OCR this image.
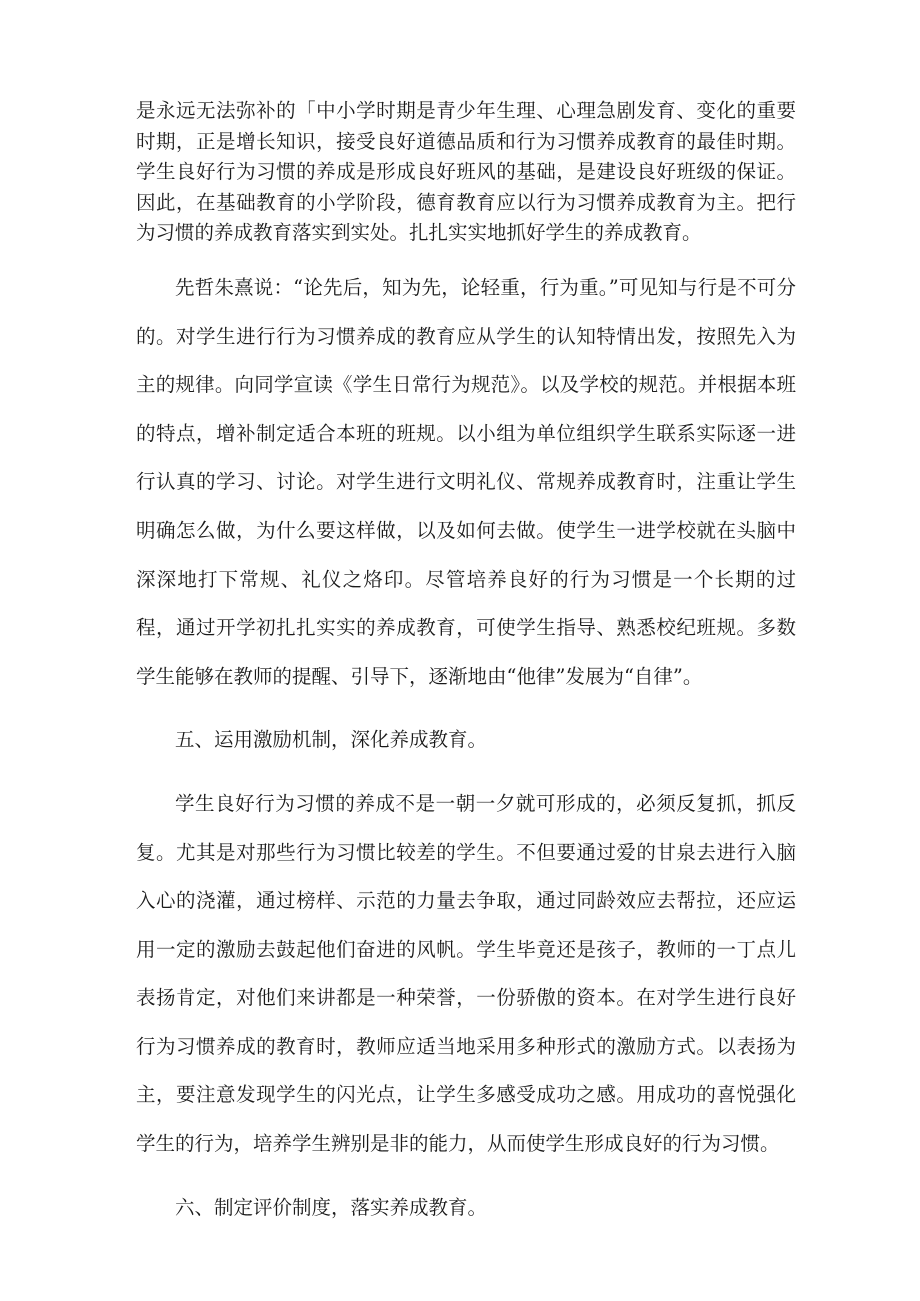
是永远无法弥补的「中小学时期是青少年生理、心理急剧发育、变化的重要时期，正是增长知识，接受良好道德品质和行为习惯养成教育的最佳时期。学生良好行为习惯的养成是形成良好班风的基础，是建设良好班级的保证。因此，在基础教育的小学阶段，德育教育应以行为习惯养成教育为主。把行为习惯的养成教育落实到实处。扎扎实实地抓好学生的养成教育。

先哲朱熹说：“论先后，知为先，论轻重，行为重。”可见知与行是不可分的。对学生进行行为习惯养成的教育应从学生的认知特情出发，按照先入为主的规律。向同学宣读《学生日常行为规范》。以及学校的规范。并根据本班的特点，增补制定适合本班的班规。以小组为单位组织学生联系实际逐一进行认真的学习、讨论。对学生进行文明礼仪、常规养成教育时，注重让学生明确怎么做，为什么要这样做，以及如何去做。使学生一进学校就在头脑中深深地打下常规、礼仪之烙印。尽管培养良好的行为习惯是一个长期的过程，通过开学初扎扎实实的养成教育，可使学生指导、熟悉校纪班规。多数学生能够在教师的提醒、引导下，逐渐地由“他律”发展为“自律”。

五、运用激励机制，深化养成教育。

学生良好行为习惯的养成不是一朝一夕就可形成的，必须反复抓，抓反复。尤其是对那些行为习惯比较差的学生。不但要通过爱的甘泉去进行入脑入心的浇灌，通过榜样、示范的力量去争取，通过同龄效应去帮拉，还应运用一定的激励去鼓起他们奋进的风帆。学生毕竟还是孩子，教师的一丁点儿表扬肯定，对他们来讲都是一种荣誉，一份骄傲的资本。在对学生进行良好行为习惯养成的教育时，教师应适当地采用多种形式的激励方式。以表扬为主，要注意发现学生的闪光点，让学生多感受成功之感。用成功的喜悦强化学生的行为，培养学生辨别是非的能力，从而使学生形成良好的行为习惯。

六、制定评价制度，落实养成教育。
